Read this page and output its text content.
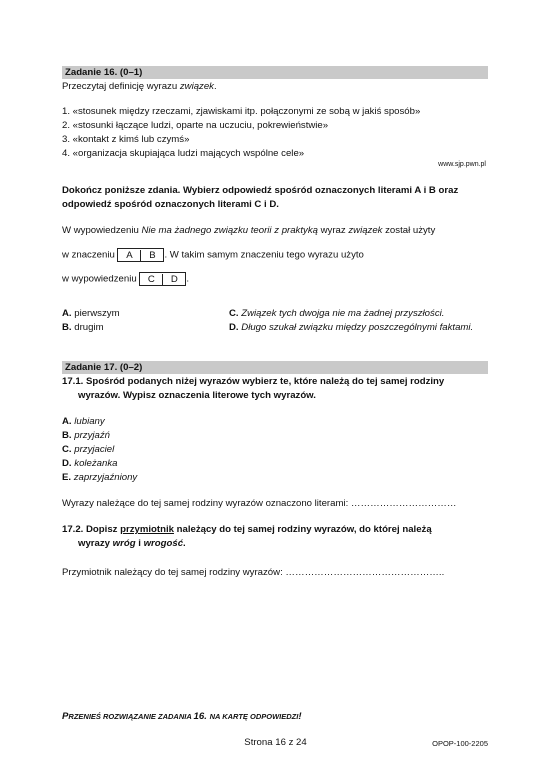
Zadanie 16. (0–1)
Przeczytaj definicję wyrazu związek.
1. «stosunek między rzeczami, zjawiskami itp. połączonymi ze sobą w jakiś sposób»
2. «stosunki łączące ludzi, oparte na uczuciu, pokrewieństwie»
3. «kontakt z kimś lub czymś»
4. «organizacja skupiająca ludzi mających wspólne cele»
www.sjp.pwn.pl
Dokończ poniższe zdania. Wybierz odpowiedź spośród oznaczonych literami A i B oraz
odpowiedź spośród oznaczonych literami C i D.
W wypowiedzeniu Nie ma żadnego związku teorii z praktyką wyraz związek został użyty
w znaczeniu A B . W takim samym znaczeniu tego wyrazu użyto
w wypowiedzeniu C D .
A. pierwszym
B. drugim
C. Związek tych dwojga nie ma żadnej przyszłości.
D. Długo szukał związku między poszczególnymi faktami.
Zadanie 17. (0–2)
17.1. Spośród podanych niżej wyrazów wybierz te, które należą do tej samej rodziny
wyrazów. Wypisz oznaczenia literowe tych wyrazów.
A. lubiany
B. przyjaźń
C. przyjaciel
D. koleżanka
E. zaprzyjaźniony
Wyrazy należące do tej samej rodziny wyrazów oznaczono literami: ……………………………
17.2. Dopisz przymiotnik należący do tej samej rodziny wyrazów, do której należą
wyrazy wróg i wrogość.
Przymiotnik należący do tej samej rodziny wyrazów: …………………………………………..
PRZENIEŚ ROZWIĄZANIE ZADANIA 16. NA KARTĘ ODPOWIEDZI!
Strona 16 z 24	OPOP-100-2205
